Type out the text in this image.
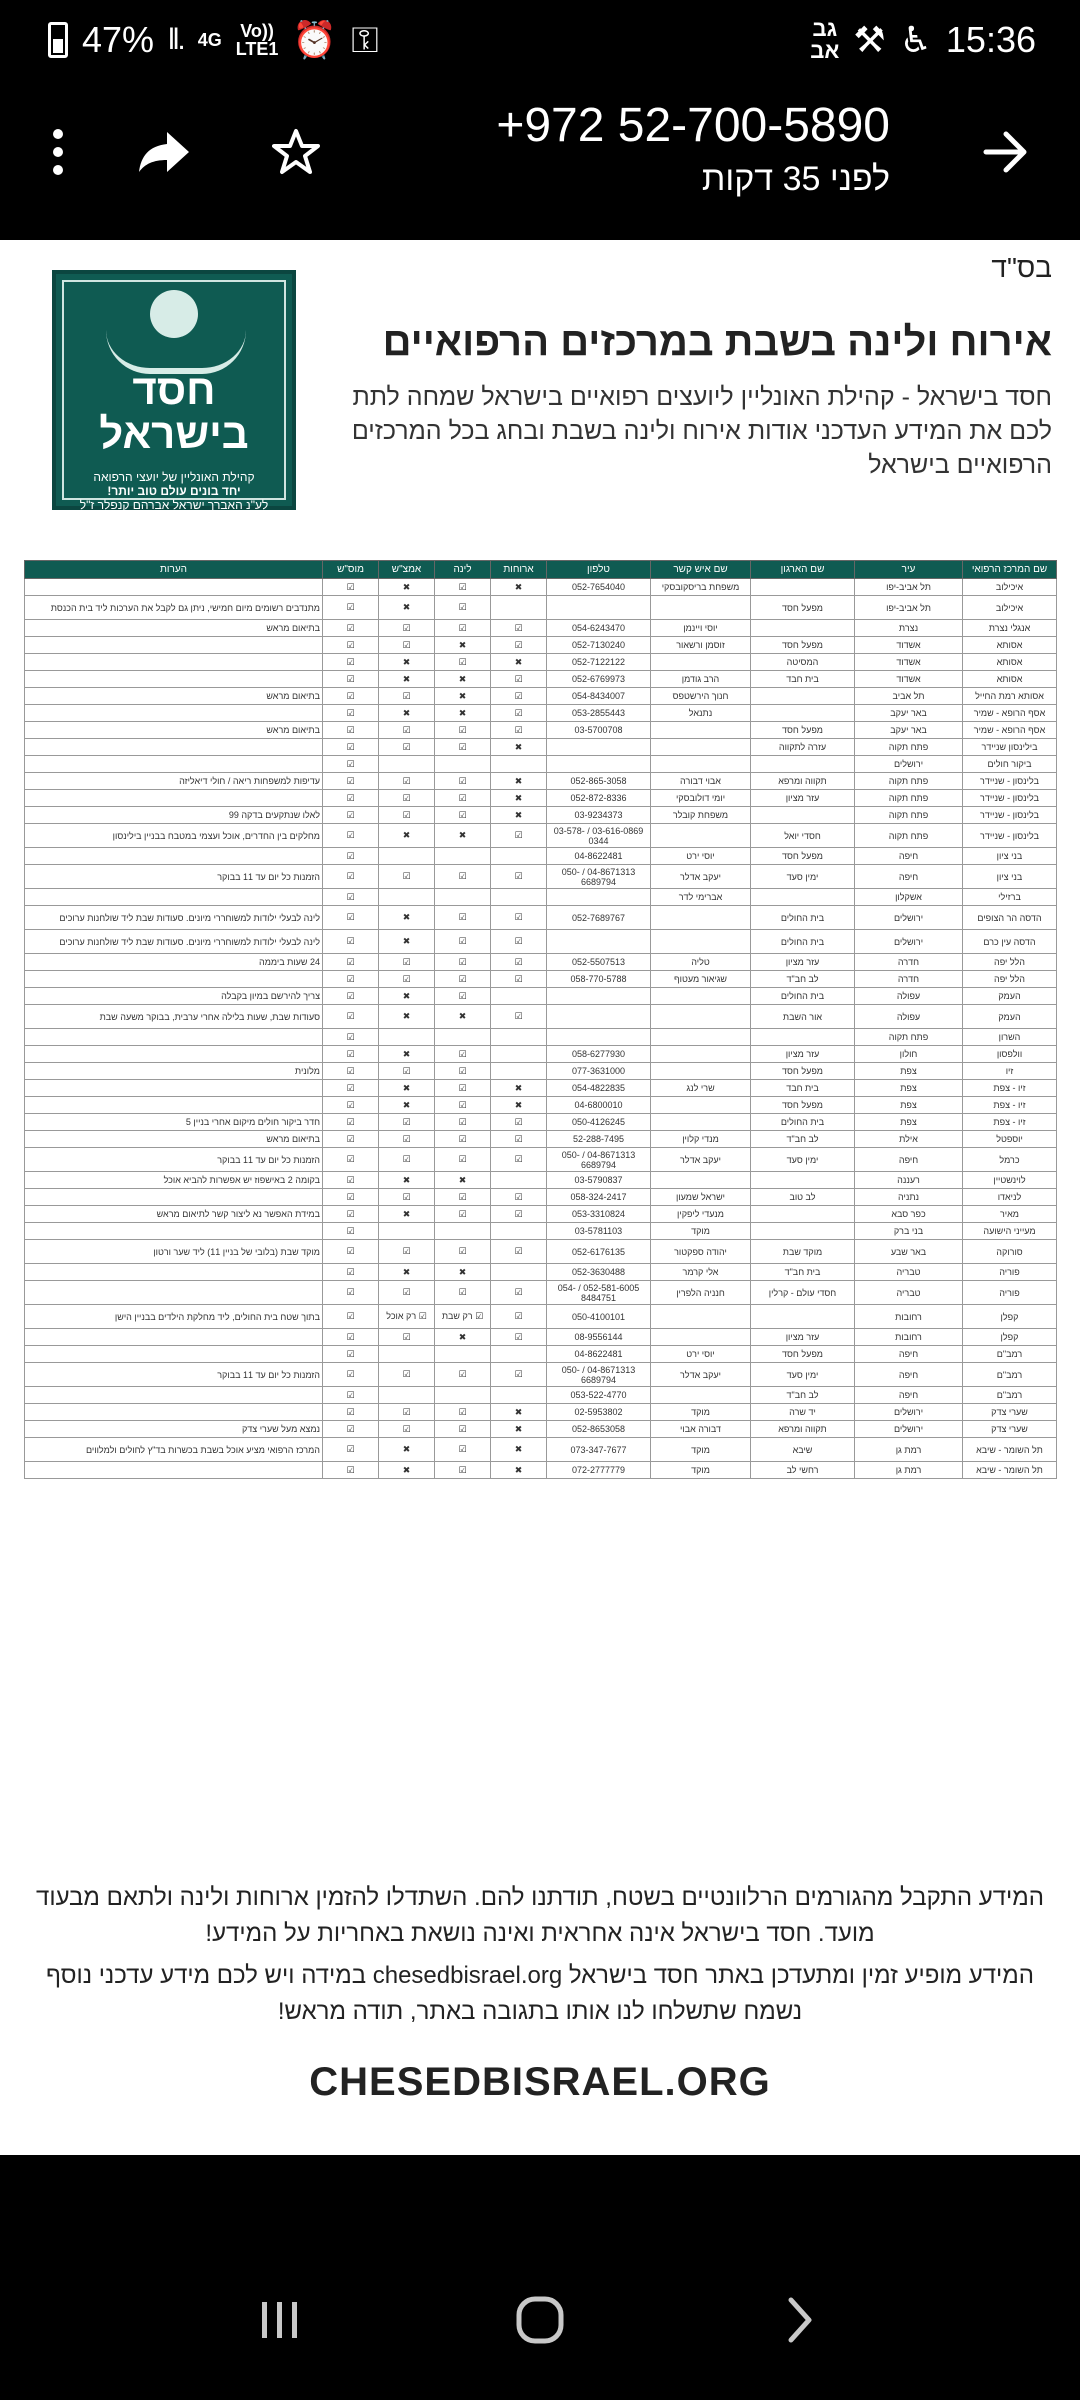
47% ll. 4G Vo))
LTE1 ⏰ ⚿	גב
אב ⚒ ♿ 15:36
+972 52-700-5890
לפני 35 דקות
בס"ד
חסד
בישראל
קהילת האונליין של יועצי הרפואה
יחד בונים עולם טוב יותר!
לע"נ האברך ישראל אברהם קנפלר ז"ל
אירוח ולינה בשבת במרכזים הרפואיים
חסד בישראל - קהילת האונליין ליועצים רפואיים בישראל שמחה לתת לכם את המידע העדכני אודות אירוח ולינה בשבת ובחג בכל המרכזים הרפואיים בישראל
שם המרכז הרפואי	עיר	שם הארגון	שם איש קשר	טלפון	ארוחות	לינה	אמצ"ש	מוס"ש	הערות
איכילוב	תל אביב-יפו		משפחת בריסקובסקי	052-7654040	✖	☑	✖	☑	
איכילוב	תל אביב-יפו	מפעל חסד				☑	✖	☑	מתנדבים רשומים מיום חמישי, ניתן גם לקבל את הערכות ליד בית הכנסת
אנגלי נצרת	נצרת		יוסי ויינמן	054-6243470	☑	☑	☑	☑	בתיאום מראש
אסותא	אשדוד	מפעל חסד	זוסמן ורשאור	052-7130240	☑	✖	☑	☑	
אסותא	אשדוד	המסיטה		052-7122122	✖	☑	✖	☑	
אסותא	אשדוד	בית חבד	הרב גודמן	052-6769973	☑	✖	✖	☑	
אסותא רמת החייל	תל אביב		חנוך הירשטפס	054-8434007	☑	✖	☑	☑	בתיאום מראש
אסף הרופא - שמיר	באר יעקב		נתנאל	053-2855443	☑	✖	✖	☑	
אסף הרופא - שמיר	באר יעקב	מפעל חסד		03-5700708	☑	☑	☑	☑	בתיאום מראש
בילינסון שניידר	פתח תקוה	עזרה לתקווה			✖	☑	☑	☑	
ביקור חולים	ירושלים							☑	
בלינסון - שניידר	פתח תקוה	תקווה ומרפא	אבוי דבורה	052-865-3058	✖	☑	☑	☑	עדיפות למשפחות ריאה / חולי דיאליזה
בלינסון - שניידר	פתח תקוה	עזר מציון	יומי דולובסקי	052-872-8336	✖	☑	☑	☑	
בלינסון - שניידר	פתח תקוה		משפחת קובלר	03-9234373	✖	☑	☑	☑	לאלו שנתקעים בדקה 99
בלינסון - שניידר	פתח תקוה	חסדי יואל		03-616-0869 / 03-578-0344	☑	✖	✖	☑	מחלקים בין החדרים, אוכל ועצמי במטבח בבניין בילינסון
בני ציון	חיפה	מפעל חסד	יוסי ירט	04-8622481				☑	
בני ציון	חיפה	ימין סעד	יעקב אדלר	04-8671313 / 050-6689794	☑	☑	☑	☑	הזמנות כל יום עד 11 בבוקר
ברזילי	אשקלון		אברימי לדר					☑	
הדסה הר הצופים	ירושלים	בית החולים		052-7689767	☑	☑	✖	☑	לינה לבעלי ילודות למשוחררי מיונים. סעודות שבת ליד שולחנות ערוכים
הדסה עין כרם	ירושלים	בית החולים			☑	☑	✖	☑	לינה לבעלי ילודות למשוחררי מיונים. סעודות שבת ליד שולחנות ערוכים
הלל יפה	חדרה	עזר מציון	טליה	052-5507513	☑	☑	☑	☑	24 שעות ביממה
הלל יפה	חדרה	לב חב"ד	שגיאור מעטוף	058-770-5788	☑	☑	☑	☑	
העמק	עפולה	בית החולים				☑	✖	☑	צריך להירשם במיון בקבלה
העמק	עפולה	אור השבת			☑	✖	✖	☑	סעודות שבת, שעות בלילה אחרי ערבית, בבוקר משעה שבת
השרון	פתח תקוה							☑	
וולפסון	חולון	עזר מציון		058-6277930		☑	✖	☑	
זיו	צפת	מפעל חסד		077-3631000		☑	☑	☑	מלונית
זיו - צפת	צפת	בית חבד	שרי לנג	054-4822835	✖	☑	✖	☑	
זיו - צפת	צפת	מפעל חסד		04-6800010	✖	☑	✖	☑	
זיו - צפת	צפת	בית החולים		050-4126245	☑	☑	☑	☑	חדר ביקור חולים מיקום אחרי בניין 5
יוספטל	אילת	לב חב"ד	מנדי קלוין	52-288-7495	☑	☑	☑	☑	בתיאום מראש
כרמל	חיפה	ימין סעד	יעקב אדלר	04-8671313 / 050-6689794	☑	☑	☑	☑	הזמנות כל יום עד 11 בבוקר
לוינשטיין	רעננה			03-5790837		✖	✖	☑	בקומה 2 באישפוז יש אפשרות להביא אוכל
לניאדו	נתניה	לב טוב	ישראל שמעון	058-324-2417	☑	☑	☑	☑	
מאיר	כפר סבא		מנעדי ליפקין	053-3310824	☑	☑	✖	☑	במידת האפשר נא ליצור קשר לתיאום מראש
מעייני הישועה	בני ברק		מוקד	03-5781103				☑	
סורוקה	באר שבע	מוקד שבת	יהודה ספקטור	052-6176135	☑	☑	☑	☑	מוקד שבת (בלובי של בניין 11) ליד שער ורטון
פוריה	טבריה	בית חב"ד	אלי קרמר	052-3630488		✖	✖	☑	
פוריה	טבריה	חסדי עולם - קרלין	חנניה הלפרין	052-581-6005 / 054-8484751	☑	☑	☑	☑	
קפלן	רחובות			050-4100101	☑	☑ רק שבת	☑ רק אוכל	☑	בתוך שטח בית החולים, ליד מחלקת הילדים בבניין הישן
קפלן	רחובות	עזר מציון		08-9556144	☑	✖	☑	☑	
רמב"ם	חיפה	מפעל חסד	יוסי ירט	04-8622481				☑	
רמב"ם	חיפה	ימין סעד	יעקב אדלר	04-8671313 / 050-6689794	☑	☑	☑	☑	הזמנות כל יום עד 11 בבוקר
רמב"ם	חיפה	לב חב"ד		053-522-4770				☑	
שערי צדק	ירושלים	יד שרה	מוקד	02-5953802	✖	☑	☑	☑	
שערי צדק	ירושלים	תקווה ומרפא	דבורה אבוי	052-8653058	✖	☑	☑	☑	נמצא מעל שערי צדק
תל השומר - שיבא	רמת גן	שיבא	מוקד	073-347-7677	✖	☑	✖	☑	המרכז הרפואי מציע אוכל בשבת בכשרות בד"ץ לחולים ולמלווים
תל השומר - שיבא	רמת גן	רחשי לב	מוקד	072-2777779	✖	☑	✖	☑	
המידע התקבל מהגורמים הרלוונטיים בשטח, תודתנו להם. השתדלו להזמין ארוחות ולינה ולתאם מבעוד מועד. חסד בישראל אינה אחראית ואינה נושאת באחריות על המידע!
המידע מופיע זמין ומתעדכן באתר חסד בישראל chesedbisrael.org במידה ויש לכם מידע עדכני נוסף נשמח שתשלחו לנו אותו בתגובה באתר, תודה מראש!
CHESEDBISRAEL.ORG
